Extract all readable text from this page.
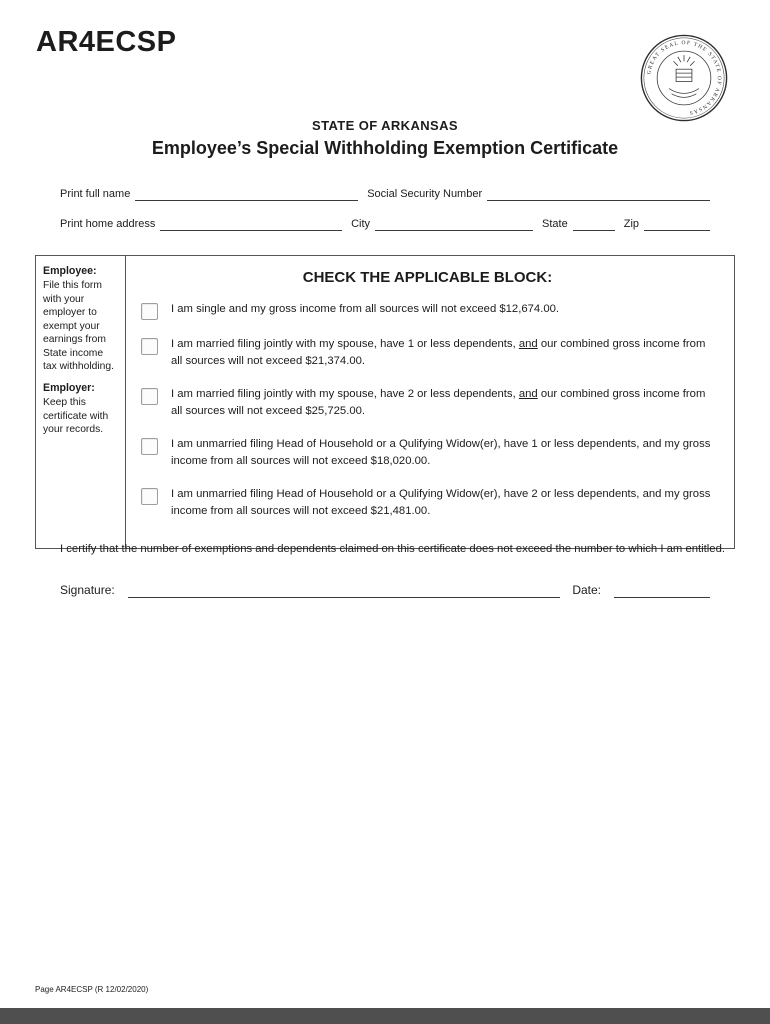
AR4ECSP
GREAT SEAL OF THE STATE OF ARKANSAS
STATE OF ARKANSAS
Employee’s Special Withholding Exemption Certificate
Print full name	Social Security Number
Print home address	City	State	Zip

Employee:
File this form with your employer to exempt your earnings from State income tax withholding.

Employer:
Keep this certificate with your records.

CHECK THE APPLICABLE BLOCK:

I am single and my gross income from all sources will not exceed $12,674.00.

I am married filing jointly with my spouse, have 1 or less dependents, and our combined gross income from all sources will not exceed $21,374.00.

I am married filing jointly with my spouse, have 2 or less dependents, and our combined gross income from all sources will not exceed $25,725.00.

I am unmarried filing Head of Household or a Qulifying Widow(er), have 1 or less dependents, and my gross income from all sources will not exceed $18,020.00.

I am unmarried filing Head of Household or a Qulifying Widow(er), have 2 or less dependents, and my gross income from all sources will not exceed $21,481.00.

I certify that the number of exemptions and dependents claimed on this certificate does not exceed the number to which I am entitled.

Signature:	Date:
Page AR4ECSP (R 12/02/2020)
